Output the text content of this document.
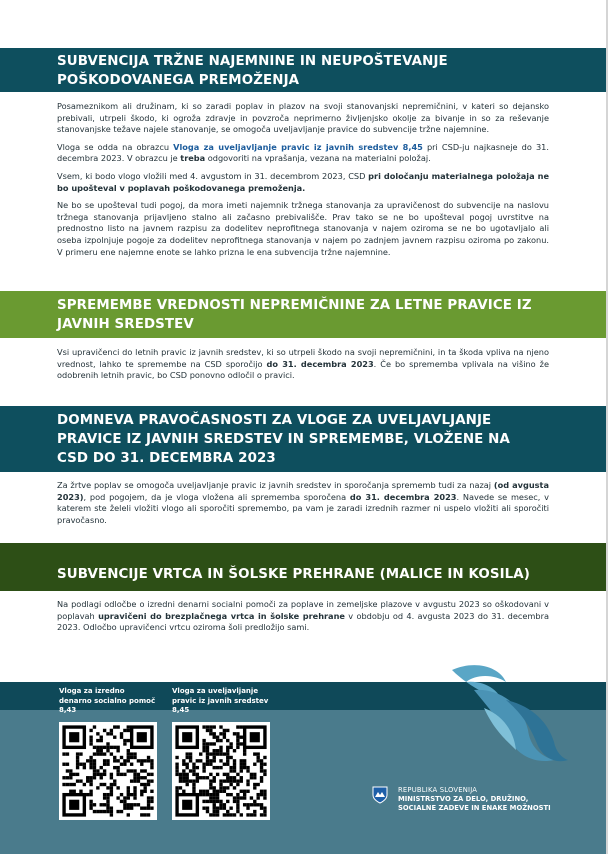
SUBVENCIJA TRŽNE NAJEMNINE IN NEUPOŠTEVANJE POŠKODOVANEGA PREMOŽENJA

Posameznikom ali družinam, ki so zaradi poplav in plazov na svoji stanovanjski nepremičnini, v kateri so dejansko prebivali, utrpeli škodo, ki ogroža zdravje in povzroča neprimerno življenjsko okolje za bivanje in so za reševanje stanovanjske težave najele stanovanje, se omogoča uveljavljanje pravice do subvencije tržne najemnine.

Vloga se odda na obrazcu Vloga za uveljavljanje pravic iz javnih sredstev 8,45 pri CSD-ju najkasneje do 31. decembra 2023. V obrazcu je treba odgovoriti na vprašanja, vezana na materialni položaj.

Vsem, ki bodo vlogo vložili med 4. avgustom in 31. decembrom 2023, CSD pri določanju materialnega položaja ne bo upošteval v poplavah poškodovanega premoženja.

Ne bo se upošteval tudi pogoj, da mora imeti najemnik tržnega stanovanja za upravičenost do subvencije na naslovu tržnega stanovanja prijavljeno stalno ali začasno prebivališče. Prav tako se ne bo upošteval pogoj uvrstitve na prednostno listo na javnem razpisu za dodelitev neprofitnega stanovanja v najem oziroma se ne bo ugotavljalo ali oseba izpolnjuje pogoje za dodelitev neprofitnega stanovanja v najem po zadnjem javnem razpisu oziroma po zakonu. V primeru ene najemne enote se lahko prizna le ena subvencija tržne najemnine.

SPREMEMBE VREDNOSTI NEPREMIČNINE ZA LETNE PRAVICE IZ JAVNIH SREDSTEV

Vsi upravičenci do letnih pravic iz javnih sredstev, ki so utrpeli škodo na svoji nepremičnini, in ta škoda vpliva na njeno vrednost, lahko te spremembe na CSD sporočijo do 31. decembra 2023. Če bo sprememba vplivala na višino že odobrenih letnih pravic, bo CSD ponovno odločil o pravici.

DOMNEVA PRAVOČASNOSTI ZA VLOGE ZA UVELJAVLJANJE PRAVICE IZ JAVNIH SREDSTEV IN SPREMEMBE, VLOŽENE NA CSD DO 31. DECEMBRA 2023

Za žrtve poplav se omogoča uveljavljanje pravic iz javnih sredstev in sporočanja sprememb tudi za nazaj (od avgusta 2023), pod pogojem, da je vloga vložena ali sprememba sporočena do 31. decembra 2023. Navede se mesec, v katerem ste želeli vložiti vlogo ali sporočiti spremembo, pa vam je zaradi izrednih razmer ni uspelo vložiti ali sporočiti pravočasno.

SUBVENCIJE VRTCA IN ŠOLSKE PREHRANE (MALICE IN KOSILA)

Na podlagi odločbe o izredni denarni socialni pomoči za poplave in zemeljske plazove v avgustu 2023 so oškodovani v poplavah upravičeni do brezplačnega vrtca in šolske prehrane v obdobju od 4. avgusta 2023 do 31. decembra 2023. Odločbo upravičenci vrtcu oziroma šoli predložijo sami.

Vloga za izredno denarno socialno pomoč 8,43
Vloga za uveljavljanje pravic iz javnih sredstev 8,45
REPUBLIKA SLOVENIJA
MINISTRSTVO ZA DELO, DRUŽINO, SOCIALNE ZADEVE IN ENAKE MOŽNOSTI
